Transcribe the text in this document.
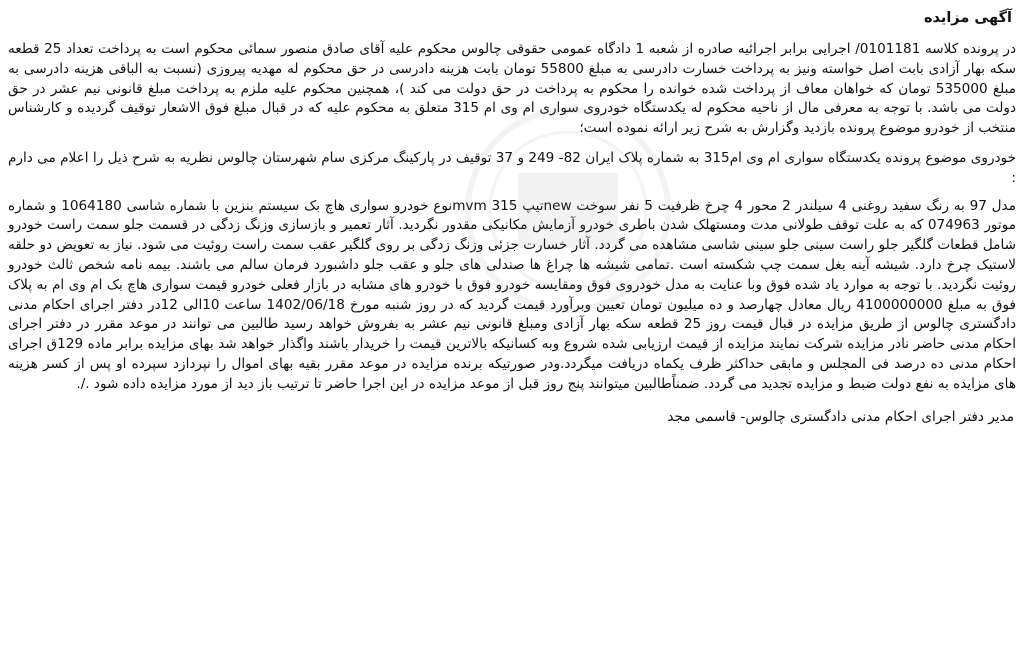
آگهی مزایده

در پرونده کلاسه 0101181/ اجرایی برابر اجرائیه صادره از شعبه 1 دادگاه عمومی حقوقی چالوس محکوم علیه آقای صادق منصور سمائی محکوم است به پرداخت تعداد 25 قطعه سکه بهار آزادی بابت اصل خواسته ونیز به پرداخت خسارت دادرسی به مبلغ 55800 تومان بابت هزینه دادرسی در حق محکوم له مهدیه پیروزی (نسبت به الباقی هزینه دادرسی به مبلغ 535000 تومان که خواهان معاف از پرداخت شده خوانده را محکوم به پرداخت در حق دولت می کند )، همچنین محکوم علیه ملزم به پرداخت مبلغ قانونی نیم عشر در حق دولت می باشد. با توجه به معرفی مال از ناحیه محکوم له یکدستگاه خودروی سواری ام وی ام 315 متعلق به محکوم علیه که در قبال مبلغ فوق الاشعار توقیف گردیده و کارشناس منتخب از خودرو موضوع پرونده بازدید وگزارش به شرح زیر ارائه نموده است؛

خودروی موضوع پرونده یکدستگاه سواری ام وی ام315 به شماره پلاک ایران 82- 249 و 37 توقیف در پارکینگ مرکزی سام شهرستان چالوس نظریه به شرح ذیل را اعلام می دارم :

مدل 97 به رنگ سفید روغنی 4 سیلندر 2 محور 4 چرخ ظرفیت 5 نفر سوخت newتیپ mvm 315نوع خودرو سواری هاچ بک سیستم بنزین با شماره شاسی 1064180 و شماره موتور 074963 که به علت توقف طولانی مدت ومستهلک شدن باطری خودرو آزمایش مکانیکی مقدور نگردید. آثار تعمیر و بازسازی وزنگ زدگی در قسمت جلو سمت راست خودرو شامل قطعات گلگیر جلو راست سینی جلو سینی شاسی مشاهده می گردد. آثار خسارت جزئی وزنگ زدگی بر روی گلگیر عقب سمت راست روئیت می شود. نیاز به تعویض دو حلقه لاستیک چرخ دارد. شیشه آینه بغل سمت چپ شکسته است .تمامی شیشه ها چراغ ها صندلی های جلو و عقب جلو داشبورد فرمان سالم می باشند. بیمه نامه شخص ثالث خودرو روئیت نگردید. با توجه به موارد یاد شده فوق وبا عنایت به مدل خودروی فوق ومقایسه خودرو فوق با خودرو های مشابه در بازار فعلی خودرو قیمت سواری هاچ بک ام وی ام به پلاک فوق به مبلغ 4100000000 ریال معادل چهارصد و ده میلیون تومان تعیین وبرآورد قیمت گردید که در روز شنبه مورخ 1402/06/18 ساعت 10الی 12در دفتر اجرای احکام مدنی دادگستری چالوس از طریق مزایده در قبال قیمت روز 25 قطعه سکه بهار آزادی ومبلغ قانونی نیم عشر به بفروش خواهد رسید طالبین می توانند در موعد مقرر در دفتر اجرای احکام مدنی حاضر نادر مزایده شرکت نمایند مزایده از قیمت ارزیابی شده شروع وبه کسانیکه بالاترین قیمت را خریدار باشند واگذار خواهد شد بهای مزایده برابر ماده 129ق اجرای احکام مدنی ده درصد فی المجلس و مابقی حداکثر ظرف یکماه دریافت میگردد.ودر صورتیکه برنده مزایده در موعد مقرر بقیه بهای اموال را نپردازد سپرده او پس از کسر هزینه های مزایده به نفع دولت ضبط و مزایده تجدید می گردد. ضمناًطالبین میتوانند پنج روز قبل از موعد مزایده در این اجرا حاضر تا ترتیب باز دید از مورد مزایده داده شود ./.

مدیر دفتر اجرای احکام مدنی دادگستری چالوس- قاسمی مجد
